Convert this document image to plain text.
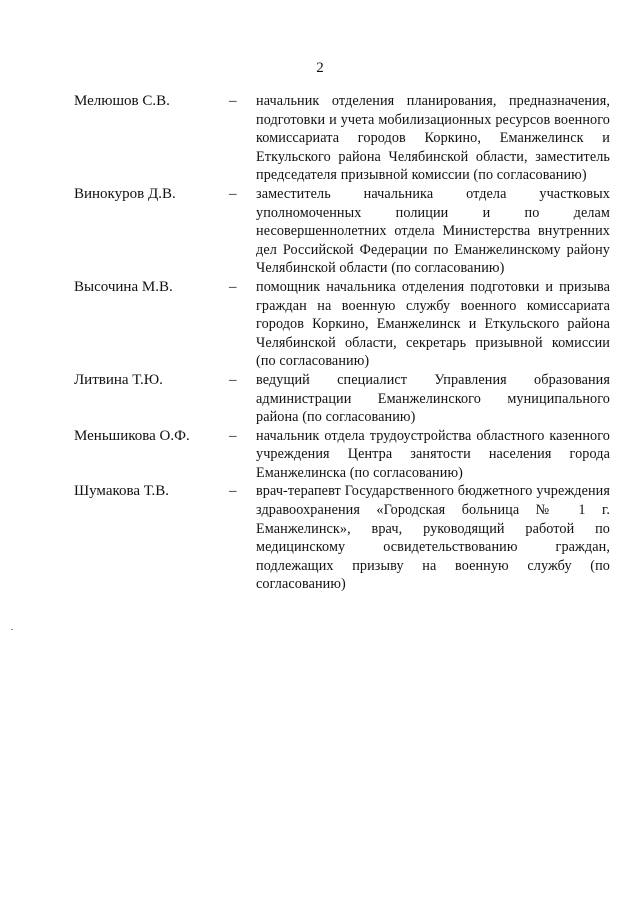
2
Мелюшов С.В.	– начальник отделения планирования, предназначения, подготовки и учета мобилизационных ресурсов военного комиссариата городов Коркино, Еманжелинск и Еткульского района Челябинской области, заместитель председателя призывной комиссии (по согласованию)
Винокуров Д.В.	– заместитель начальника отдела участковых уполномоченных полиции и по делам несовершеннолетних отдела Министерства внутренних дел Российской Федерации по Еманжелинскому району Челябинской области (по согласованию)
Высочина М.В.	– помощник начальника отделения подготовки и призыва граждан на военную службу военного комиссариата городов Коркино, Еманжелинск и Еткульского района Челябинской области, секретарь призывной комиссии (по согласованию)
Литвина Т.Ю.	– ведущий специалист Управления образования администрации Еманжелинского муниципального района (по согласованию)
Меньшикова О.Ф.	– начальник отдела трудоустройства областного казенного учреждения Центра занятости населения города Еманжелинска (по согласованию)
Шумакова Т.В.	– врач-терапевт Государственного бюджетного учреждения здравоохранения «Городская больница № 1 г. Еманжелинск», врач, руководящий работой по медицинскому освидетельствованию граждан, подлежащих призыву на военную службу (по согласованию)
